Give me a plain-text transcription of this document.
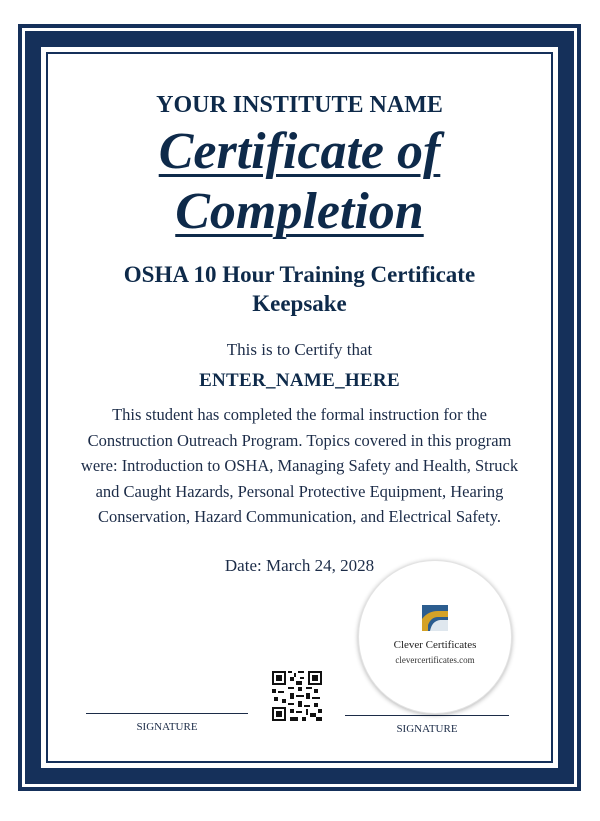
YOUR INSTITUTE NAME
Certificate of
Completion
OSHA 10 Hour Training Certificate Keepsake
This is to Certify that
ENTER_NAME_HERE
This student has completed the formal instruction for the Construction Outreach Program. Topics covered in this program were: Introduction to OSHA, Managing Safety and Health, Struck and Caught Hazards, Personal Protective Equipment, Hearing Conservation, Hazard Communication, and Electrical Safety.
Date: March 24, 2028
SIGNATURE	SIGNATURE
Clever Certificates
clevercertificates.com
